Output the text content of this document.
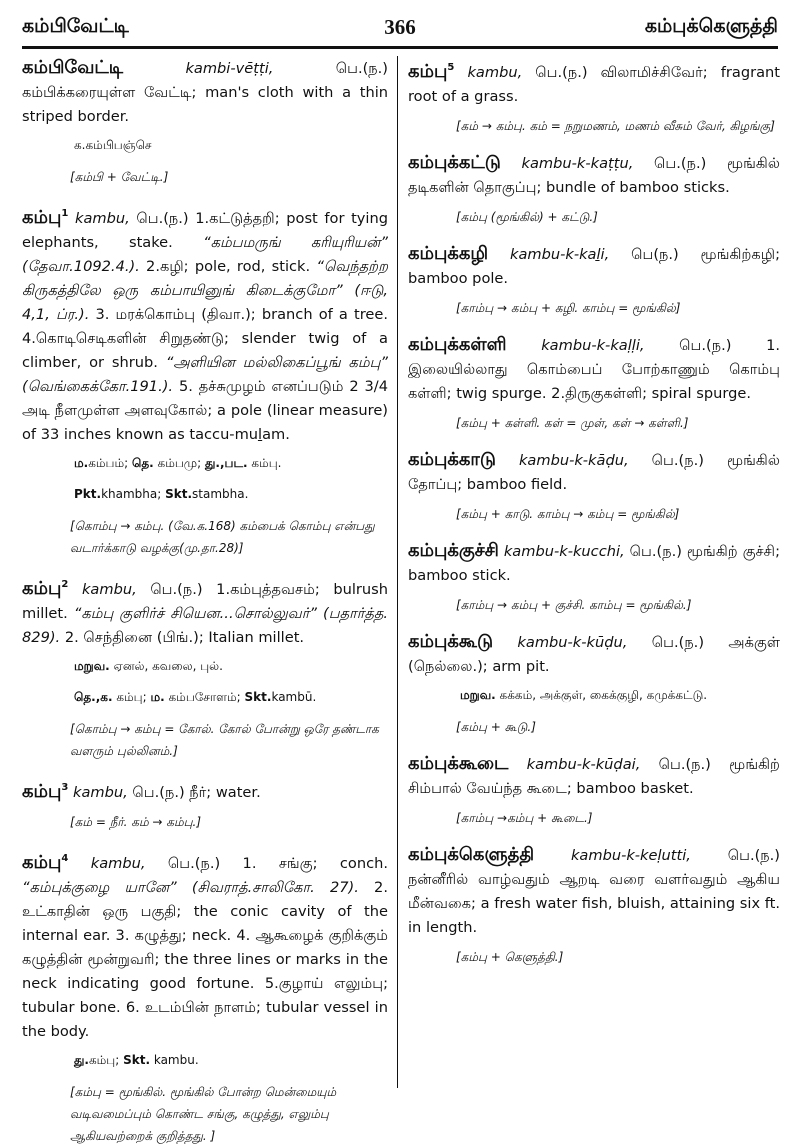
கம்பிவேட்டி	366	கம்புக்கெளுத்தி

கம்பிவேட்டி	kambi-vēṭṭi, பெ.(ந.) கம்பிக்கரையுள்ள வேட்டி; man's cloth with a thin striped border.

க.கம்பிபஞ்செ
[கம்பி + வேட்டி.]

கம்பு$^1$ kambu, பெ.(ந.) 1.கட்டுத்தறி; post for tying elephants, stake. “கம்பமருங் கரியுரியன்” (தேவா.1092.4.). 2.கழி; pole, rod, stick. “வெந்தற்ற கிருகத்திலே ஒரு கம்பாயினுங் கிடைக்குமோ” (ஈடு, 4,1, ப்ர.). 3. மரக்கொம்பு (திவா.); branch of a tree. 4.கொடிசெடிகளின் சிறுதண்டு; slender twig of a climber, or shrub. “அளியின மல்லிகைப்பூங் கம்பு” (வெங்கைக்கோ.191.). 5. தச்சுமுழம் எனப்படும் 2 3/4 அடி நீளமுள்ள அளவுகோல்; a pole (linear measure) of 33 inches known as taccu-muḻam.

ம.கம்பம்; தெ. கம்பமு; து.,பட. கம்பு.
Pkt.khambha; Skt.stambha.
[கொம்பு → கம்பு. (வே.க.168) கம்பைக் கொம்பு என்பது வடார்க்காடு வழக்கு(மு.தா.28)]

கம்பு$^2$ kambu, பெ.(ந.) 1.கம்புத்தவசம்; bulrush millet. “கம்பு குளிர்ச் சியென...சொல்லுவர்” (பதார்த்த. 829). 2. செந்தினை (பிங்.); Italian millet.

மறுவ. ஏனல், கவலை, புல்.
தெ.,க. கம்பு; ம. கம்பசோளம்; Skt.kambū.
[கொம்பு → கம்பு = கோல். கோல் போன்று ஒரே தண்டாக வளரும் புல்லினம்.]

கம்பு$^3$ kambu, பெ.(ந.) நீர்; water.

[கம் = நீர். கம் → கம்பு.]

கம்பு$^4$ kambu, பெ.(ந.) 1. சங்கு; conch. “கம்புக்குழை யானே” (சிவராத்.சாலிகோ. 27). 2. உட்காதின் ஒரு பகுதி; the conic cavity of the internal ear. 3. கழுத்து; neck. 4. ஆகூழைக் குறிக்கும் கழுத்தின் மூன்றுவரி; the three lines or marks in the neck indicating good fortune. 5.குழாய் எலும்பு; tubular bone. 6. உடம்பின் நாளம்; tubular vessel in the body.

து.கம்பு; Skt. kambu.
[கம்பு = மூங்கில். மூங்கில் போன்ற மென்மையும் வடிவமைப்பும் கொண்ட சங்கு, கழுத்து, எலும்பு ஆகியவற்றைக் குறித்தது. ]

கம்பு$^5$ kambu, பெ.(ந.) விலாமிச்சிவேர்; fragrant root of a grass.

[கம் → கம்பு. கம் = நறுமணம், மணம் வீசும் வேர், கிழங்கு]

கம்புக்கட்டு kambu-k-kaṭṭu, பெ.(ந.) மூங்கில் தடிகளின் தொகுப்பு; bundle of bamboo sticks.

[கம்பு (மூங்கில்) + கட்டு.]

கம்புக்கழி kambu-k-kaḻi, பெ(ந.) மூங்கிற்கழி; bamboo pole.

[காம்பு → கம்பு + கழி. காம்பு = மூங்கில்]

கம்புக்கள்ளி kambu-k-kaḷḷi, பெ.(ந.) 1. இலையில்லாது கொம்பைப் போற்காணும் கொம்பு கள்ளி; twig spurge. 2.திருகுகள்ளி; spiral spurge.

[கம்பு + கள்ளி. கள் = முள், கள் → கள்ளி.]

கம்புக்காடு kambu-k-kāḍu, பெ.(ந.) மூங்கில் தோப்பு; bamboo field.

[கம்பு + காடு. காம்பு → கம்பு = மூங்கில்]

கம்புக்குச்சி kambu-k-kucchi, பெ.(ந.) மூங்கிற் குச்சி; bamboo stick.

[காம்பு → கம்பு + குச்சி. காம்பு = மூங்கில்.]

கம்புக்கூடு kambu-k-kūḍu, பெ.(ந.) அக்குள் (நெல்லை.); arm pit.

மறுவ. கக்கம், அக்குள், கைக்குழி, கமுக்கட்டு.
[கம்பு + கூடு.]

கம்புக்கூடை kambu-k-kūḍai, பெ.(ந.) மூங்கிற் சிம்பால் வேய்ந்த கூடை; bamboo basket.

[காம்பு →கம்பு + கூடை.]

கம்புக்கெளுத்தி	kambu-k-keḷutti, பெ.(ந.) நன்னீரில் வாழ்வதும் ஆறடி வரை வளர்வதும் ஆகிய மீன்வகை; a fresh water fish, bluish, attaining six ft. in length.

[கம்பு + கெளுத்தி.]
